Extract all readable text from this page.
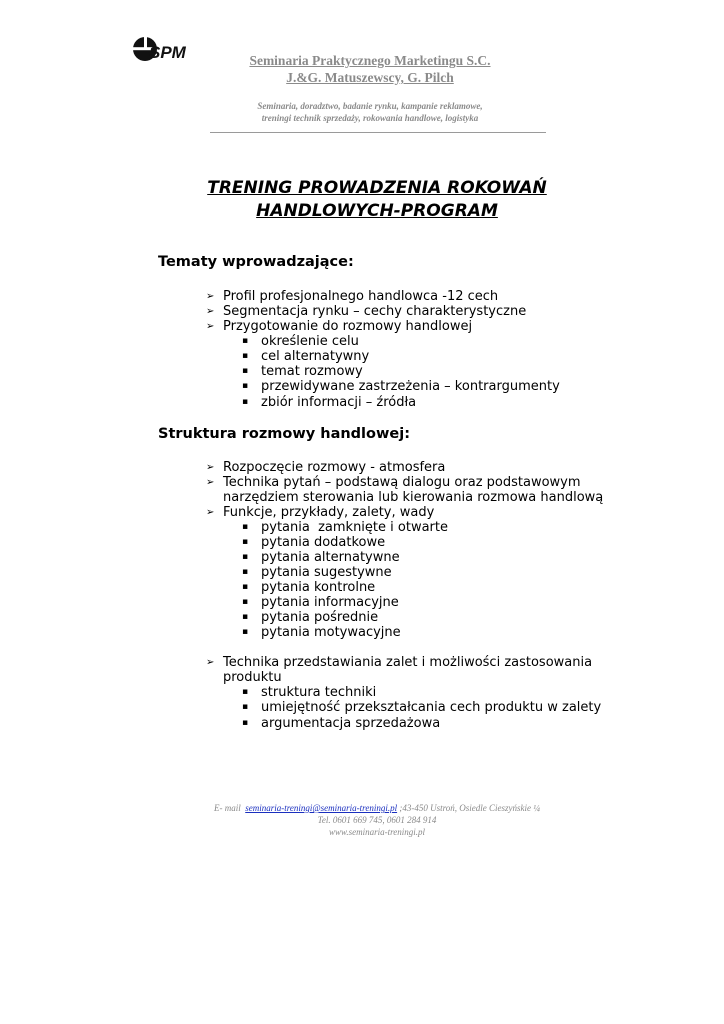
SPM	Seminaria Praktycznego Marketingu S.C.
J.&G. Matuszewscy, G. Pilch
Seminaria, doradztwo, badanie rynku, kampanie reklamowe,
treningi technik sprzedaży, rokowania handlowe, logistyka
TRENING PROWADZENIA ROKOWAŃ
HANDLOWYCH-PROGRAM
Tematy wprowadzające:
➢ Profil profesjonalnego handlowca -12 cech
➢ Segmentacja rynku – cechy charakterystyczne
➢ Przygotowanie do rozmowy handlowej
▪ określenie celu
▪ cel alternatywny
▪ temat rozmowy
▪ przewidywane zastrzeżenia – kontrargumenty
▪ zbiór informacji – źródła
Struktura rozmowy handlowej:
➢ Rozpoczęcie rozmowy - atmosfera
➢ Technika pytań – podstawą dialogu oraz podstawowym
narzędziem sterowania lub kierowania rozmowa handlową
➢ Funkcje, przykłady, zalety, wady
▪ pytania  zamknięte i otwarte
▪ pytania dodatkowe
▪ pytania alternatywne
▪ pytania sugestywne
▪ pytania kontrolne
▪ pytania informacyjne
▪ pytania pośrednie
▪ pytania motywacyjne
➢ Technika przedstawiania zalet i możliwości zastosowania
produktu
▪ struktura techniki
▪ umiejętność przekształcania cech produktu w zalety
▪ argumentacja sprzedażowa
E- mail seminaria-treningi@seminaria-treningi.pl ;43-450 Ustroń, Osiedle Cieszyńskie ¼
Tel. 0601 669 745, 0601 284 914
www.seminaria-treningi.pl
